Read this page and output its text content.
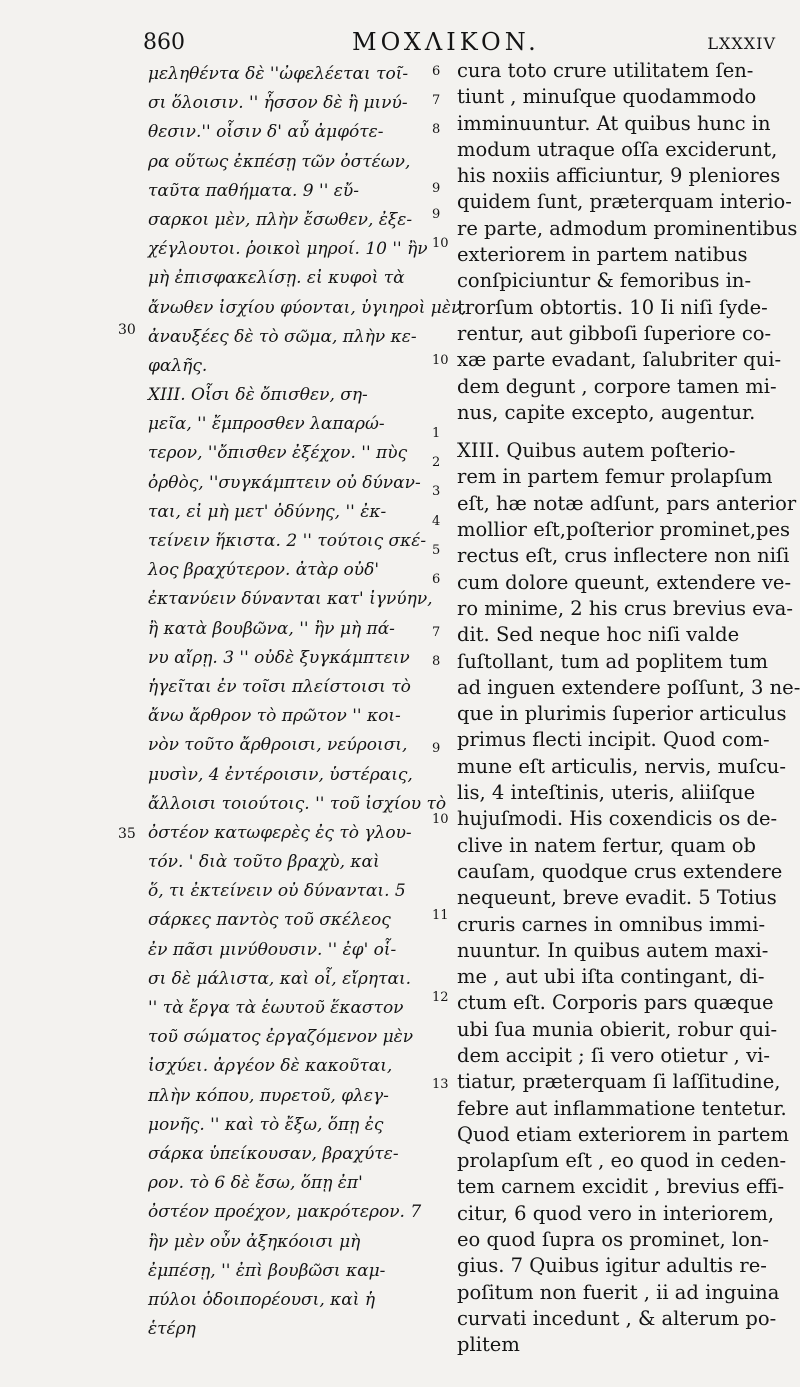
860	MOXΛIKON.	LXXXIV
30
35
μεληθέντα δὲ ''ὠφελέεται τοῖ-
σι ὅλοισιν. '' ἧσσον δὲ ἢ μινύ-
θεσιν.'' οἷσιν δ' αὖ ἀμφότε-
ρα οὕτως ἐκπέσῃ τῶν ὀστέων,
ταῦτα παθήματα. 9 '' εὔ-
σαρκοι μὲν, πλὴν ἔσωθεν, ἐξε-
χέγλουτοι. ῥοικοὶ μηροί. 10 '' ἢν
μὴ ἐπισφακελίσῃ. εἰ κυφοὶ τὰ
ἄνωθεν ἰσχίου φύονται, ὑγιηροὶ μὲν,
ἀναυξέες δὲ τὸ σῶμα, πλὴν κε-
φαλῆς.
XIII. Οἷσι δὲ ὄπισθεν, ση-
μεῖα, '' ἔμπροσθεν λαπαρώ-
τερον, ''ὄπισθεν ἐξέχον. '' πὺς
ὀρθὸς, ''συγκάμπτειν οὐ δύναν-
ται, εἰ μὴ μετ' ὀδύνης, '' ἐκ-
τείνειν ἥκιστα. 2 '' τούτοις σκέ-
λος βραχύτερον. ἀτὰρ οὐδ'
ἐκτανύειν δύνανται κατ' ἰγνύην,
ἢ κατὰ βουβῶνα, '' ἢν μὴ πά-
νυ αἴρῃ. 3 '' οὐδὲ ξυγκάμπτειν
ἡγεῖται ἐν τοῖσι πλείστοισι τὸ
ἄνω ἄρθρον τὸ πρῶτον '' κοι-
νὸν τοῦτο ἄρθροισι, νεύροισι,
μυσὶν, 4 ἐντέροισιν, ὑστέραις,
ἄλλοισι τοιούτοις. '' τοῦ ἰσχίου τὸ
ὀστέον κατωφερὲς ἐς τὸ γλου-
τόν. ' διὰ τοῦτο βραχὺ, καὶ
ὅ, τι ἐκτείνειν οὐ δύνανται. 5
σάρκες παντὸς τοῦ σκέλεος
ἐν πᾶσι μινύθουσιν. '' ἐφ' οἷ-
σι δὲ μάλιστα, καὶ οἷ, εἴρηται.
'' τὰ ἔργα τὰ ἑωυτοῦ ἕκαστον
τοῦ σώματος ἐργαζόμενον μὲν
ἰσχύει. ἀργέον δὲ κακοῦται,
πλὴν κόπου, πυρετοῦ, φλεγ-
μονῆς. '' καὶ τὸ ἔξω, ὅπῃ ἐς
σάρκα ὑπείκουσαν, βραχύτε-
ρον. τὸ 6 δὲ ἔσω, ὅπῃ ἐπ'
ὀστέον προέχον, μακρότερον. 7
ἢν μὲν οὖν ἀξηκόοισι μὴ
ἐμπέσῃ, '' ἐπὶ βουβῶσι καμ-
πύλοι ὁδοιπορέουσι, καὶ ἡ
ἑτέρη
6
7
8
9
9
10
10
1
2
3
4
5
6
7
8
9
10
11
12
13
cura toto crure utilitatem ſen-
tiunt , minuſque quodammodo
imminuuntur. At quibus hunc in
modum utraque oſſa exciderunt,
his noxiis afficiuntur, 9 pleniores
quidem ſunt, præterquam interio-
re parte, admodum prominentibus
exteriorem in partem natibus
conſpiciuntur & femoribus in-
trorſum obtortis. 10 Ii niſi ſyde-
rentur, aut gibboſi ſuperiore co-
xæ parte evadant, ſalubriter qui-
dem degunt , corpore tamen mi-
nus, capite excepto, augentur.
XIII. Quibus autem poſterio-
rem in partem femur prolapſum
eſt, hæ notæ adſunt, pars anterior
mollior eſt,poſterior prominet,pes
rectus eſt, crus inflectere non niſi
cum dolore queunt, extendere ve-
ro minime, 2 his crus brevius eva-
dit. Sed neque hoc niſi valde
ſuſtollant, tum ad poplitem tum
ad inguen extendere poſſunt, 3 ne-
que in plurimis ſuperior articulus
primus flecti incipit. Quod com-
mune eſt articulis, nervis, muſcu-
lis, 4 inteſtinis, uteris, aliiſque
hujuſmodi. His coxendicis os de-
clive in natem fertur, quam ob
cauſam, quodque crus extendere
nequeunt, breve evadit. 5 Totius
cruris carnes in omnibus immi-
nuuntur. In quibus autem maxi-
me , aut ubi iſta contingant, di-
ctum eſt. Corporis pars quæque
ubi ſua munia obierit, robur qui-
dem accipit ; ſi vero otietur , vi-
tiatur, præterquam ſi laſſitudine,
febre aut inflammatione tentetur.
Quod etiam exteriorem in partem
prolapſum eſt , eo quod in ceden-
tem carnem excidit , brevius effi-
citur, 6 quod vero in interiorem,
eo quod ſupra os prominet, lon-
gius. 7 Quibus igitur adultis re-
poſitum non fuerit , ii ad inguina
curvati incedunt , & alterum po-
plitem
